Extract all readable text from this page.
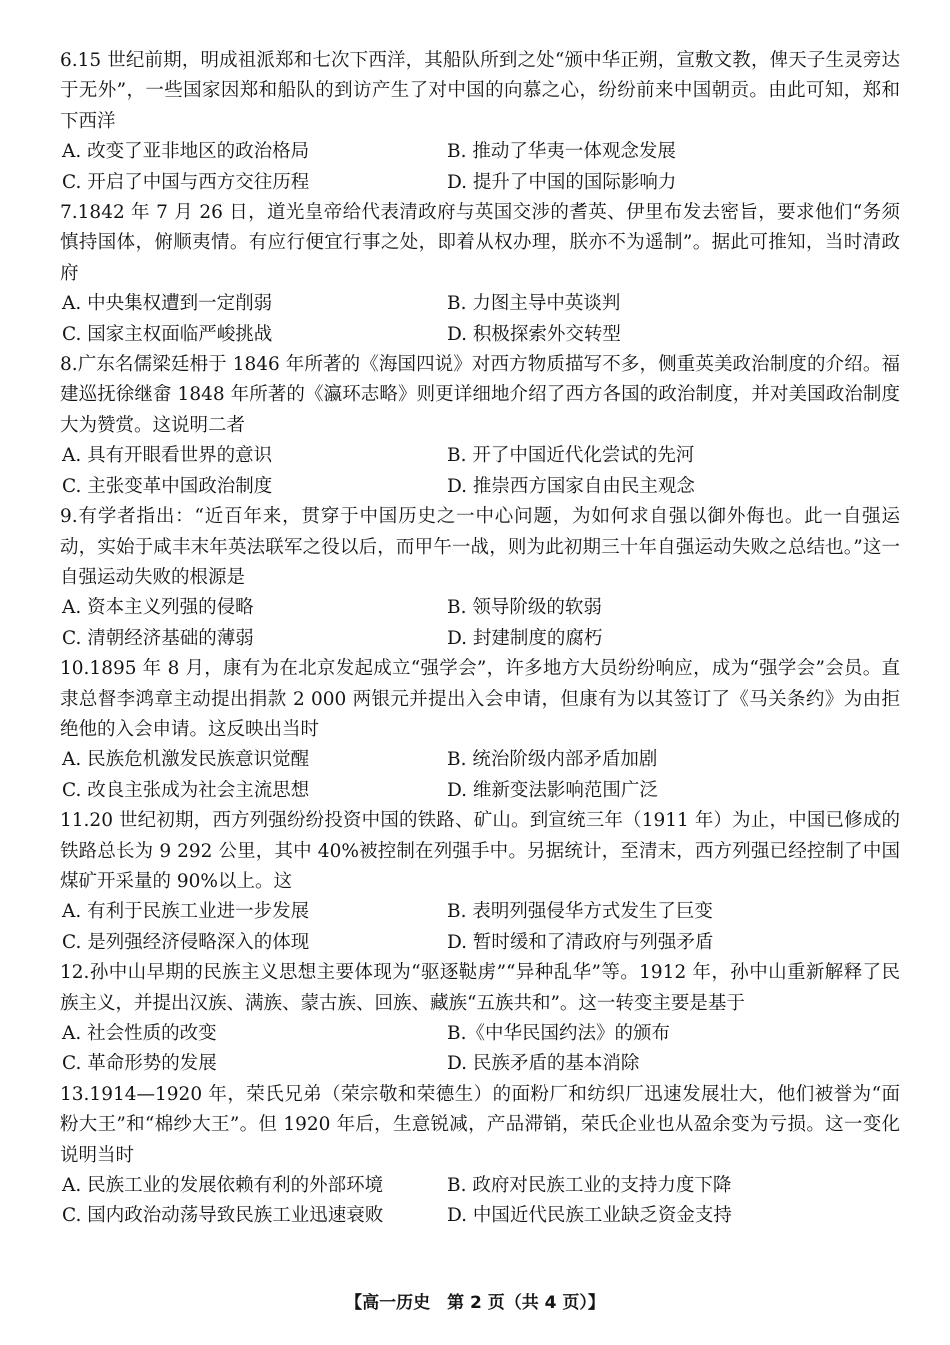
6.15 世纪前期，明成祖派郑和七次下西洋，其船队所到之处“颁中华正朔，宣敷文教，俾天子生灵旁达于无外”，一些国家因郑和船队的到访产生了对中国的向慕之心，纷纷前来中国朝贡。由此可知，郑和下西洋
A. 改变了亚非地区的政治格局	B. 推动了华夷一体观念发展
C. 开启了中国与西方交往历程	D. 提升了中国的国际影响力
7.1842 年 7 月 26 日，道光皇帝给代表清政府与英国交涉的耆英、伊里布发去密旨，要求他们“务须慎持国体，俯顺夷情。有应行便宜行事之处，即着从权办理，朕亦不为遥制”。据此可推知，当时清政府
A. 中央集权遭到一定削弱	B. 力图主导中英谈判
C. 国家主权面临严峻挑战	D. 积极探索外交转型
8.广东名儒梁廷枏于 1846 年所著的《海国四说》对西方物质描写不多，侧重英美政治制度的介绍。福建巡抚徐继畲 1848 年所著的《瀛环志略》则更详细地介绍了西方各国的政治制度，并对美国政治制度大为赞赏。这说明二者
A. 具有开眼看世界的意识	B. 开了中国近代化尝试的先河
C. 主张变革中国政治制度	D. 推崇西方国家自由民主观念
9.有学者指出：“近百年来，贯穿于中国历史之一中心问题，为如何求自强以御外侮也。此一自强运动，实始于咸丰末年英法联军之役以后，而甲午一战，则为此初期三十年自强运动失败之总结也。”这一自强运动失败的根源是
A. 资本主义列强的侵略	B. 领导阶级的软弱
C. 清朝经济基础的薄弱	D. 封建制度的腐朽
10.1895 年 8 月，康有为在北京发起成立“强学会”，许多地方大员纷纷响应，成为“强学会”会员。直隶总督李鸿章主动提出捐款 2 000 两银元并提出入会申请，但康有为以其签订了《马关条约》为由拒绝他的入会申请。这反映出当时
A. 民族危机激发民族意识觉醒	B. 统治阶级内部矛盾加剧
C. 改良主张成为社会主流思想	D. 维新变法影响范围广泛
11.20 世纪初期，西方列强纷纷投资中国的铁路、矿山。到宣统三年（1911 年）为止，中国已修成的铁路总长为 9 292 公里，其中 40%被控制在列强手中。另据统计，至清末，西方列强已经控制了中国煤矿开采量的 90%以上。这
A. 有利于民族工业进一步发展	B. 表明列强侵华方式发生了巨变
C. 是列强经济侵略深入的体现	D. 暂时缓和了清政府与列强矛盾
12.孙中山早期的民族主义思想主要体现为“驱逐鞑虏”“异种乱华”等。1912 年，孙中山重新解释了民族主义，并提出汉族、满族、蒙古族、回族、藏族“五族共和”。这一转变主要是基于
A. 社会性质的改变	B.《中华民国约法》的颁布
C. 革命形势的发展	D. 民族矛盾的基本消除
13.1914—1920 年，荣氏兄弟（荣宗敬和荣德生）的面粉厂和纺织厂迅速发展壮大，他们被誉为“面粉大王”和“棉纱大王”。但 1920 年后，生意锐减，产品滞销，荣氏企业也从盈余变为亏损。这一变化说明当时
A. 民族工业的发展依赖有利的外部环境	B. 政府对民族工业的支持力度下降
C. 国内政治动荡导致民族工业迅速衰败	D. 中国近代民族工业缺乏资金支持
【高一历史　第 2 页（共 4 页）】
